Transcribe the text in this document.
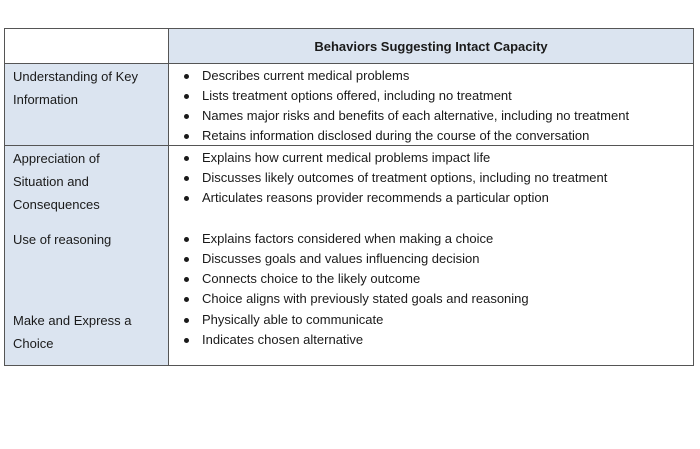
Behaviors Suggesting Intact Capacity
Understanding of Key
Information
Describes current medical problems
Lists treatment options offered, including no treatment
Names major risks and benefits of each alternative, including no treatment
Retains information disclosed during the course of the conversation
Appreciation of
Situation and
Consequences
Explains how current medical problems impact life
Discusses likely outcomes of treatment options, including no treatment
Articulates reasons provider recommends a particular option
Use of reasoning	Explains factors considered when making a choice
Discusses goals and values influencing decision
Connects choice to the likely outcome
Choice aligns with previously stated goals and reasoning
Make and Express a
Choice
Physically able to communicate
Indicates chosen alternative
